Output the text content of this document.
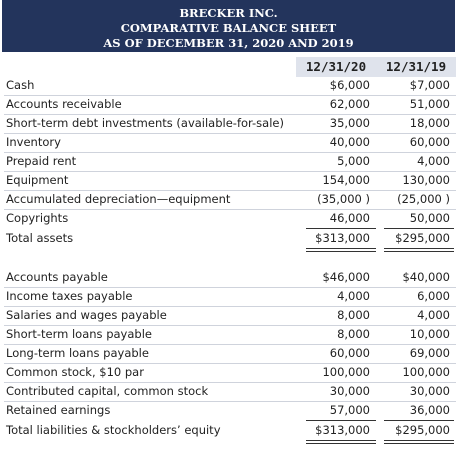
BRECKER INC.
COMPARATIVE BALANCE SHEET
AS OF DECEMBER 31, 2020 AND 2019
12/31/20	12/31/19
Cash	$6,000	$7,000
Accounts receivable	62,000	51,000
Short-term debt investments (available-for-sale)	35,000	18,000
Inventory	40,000	60,000
Prepaid rent	5,000	4,000
Equipment	154,000	130,000
Accumulated depreciation—equipment	(35,000 ) (25,000 )
Copyrights	46,000	50,000
Total assets	$313,000 $295,000
Accounts payable	$46,000	$40,000
Income taxes payable	4,000	6,000
Salaries and wages payable	8,000	4,000
Short-term loans payable	8,000	10,000
Long-term loans payable	60,000	69,000
Common stock, $10 par	100,000	100,000
Contributed capital, common stock	30,000	30,000
Retained earnings	57,000	36,000
Total liabilities & stockholders’ equity	$313,000 $295,000
